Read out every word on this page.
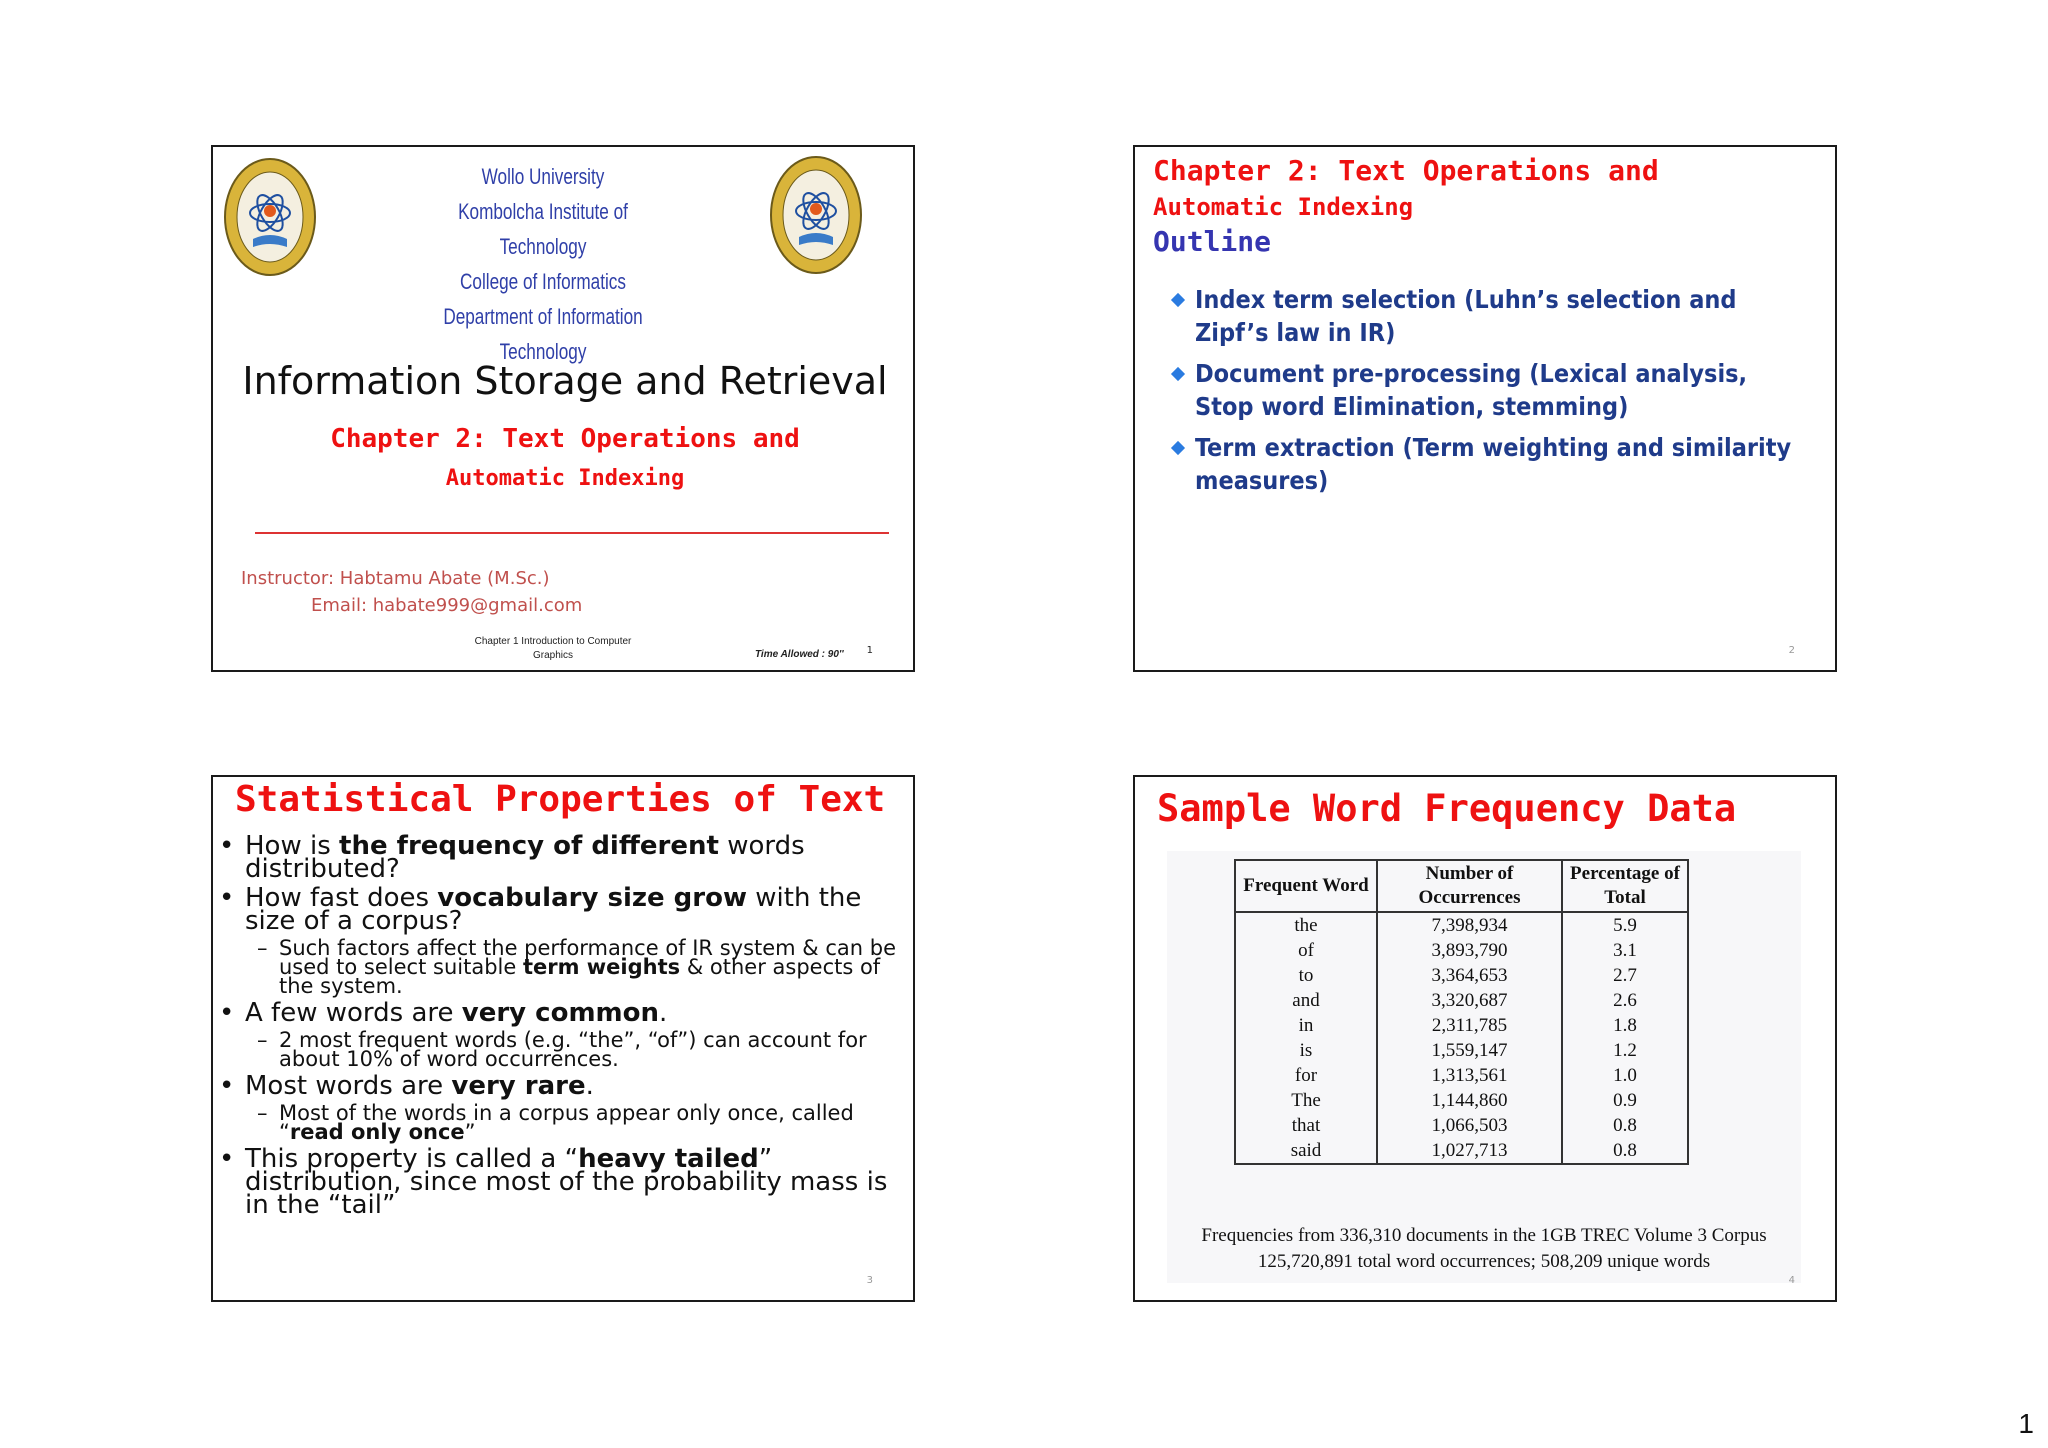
Wollo University
Kombolcha Institute of Technology
College of Informatics
Department of Information Technology
Information Storage and Retrieval
Chapter 2: Text Operations and
Automatic Indexing
Instructor: Habtamu Abate (M.Sc.)
Email: habate999@gmail.com
Chapter 1 Introduction to Computer Graphics	Time Allowed : 90'' 1
Chapter 2: Text Operations and
Automatic Indexing
Outline
Index term selection (Luhn’s selection and Zipf’s law in IR)
Document pre-processing (Lexical analysis, Stop word Elimination, stemming)
Term extraction (Term weighting and similarity measures)
2
Statistical Properties of Text
• How is the frequency of different words distributed?
• How fast does vocabulary size grow with the size of a corpus?
– Such factors affect the performance of IR system & can be used to select suitable term weights & other aspects of the system.
• A few words are very common.
– 2 most frequent words (e.g. “the”, “of”) can account for about 10% of word occurrences.
• Most words are very rare.
– Most of the words in a corpus appear only once, called “read only once”
• This property is called a “heavy tailed” distribution, since most of the probability mass is in the “tail”
3
Sample Word Frequency Data
Frequent Word	Number of Occurrences	Percentage of Total
the	7,398,934	5.9
of	3,893,790	3.1
to	3,364,653	2.7
and	3,320,687	2.6
in	2,311,785	1.8
is	1,559,147	1.2
for	1,313,561	1.0
The	1,144,860	0.9
that	1,066,503	0.8
said	1,027,713	0.8
Frequencies from 336,310 documents in the 1GB TREC Volume 3 Corpus
125,720,891 total word occurrences; 508,209 unique words
4
1
